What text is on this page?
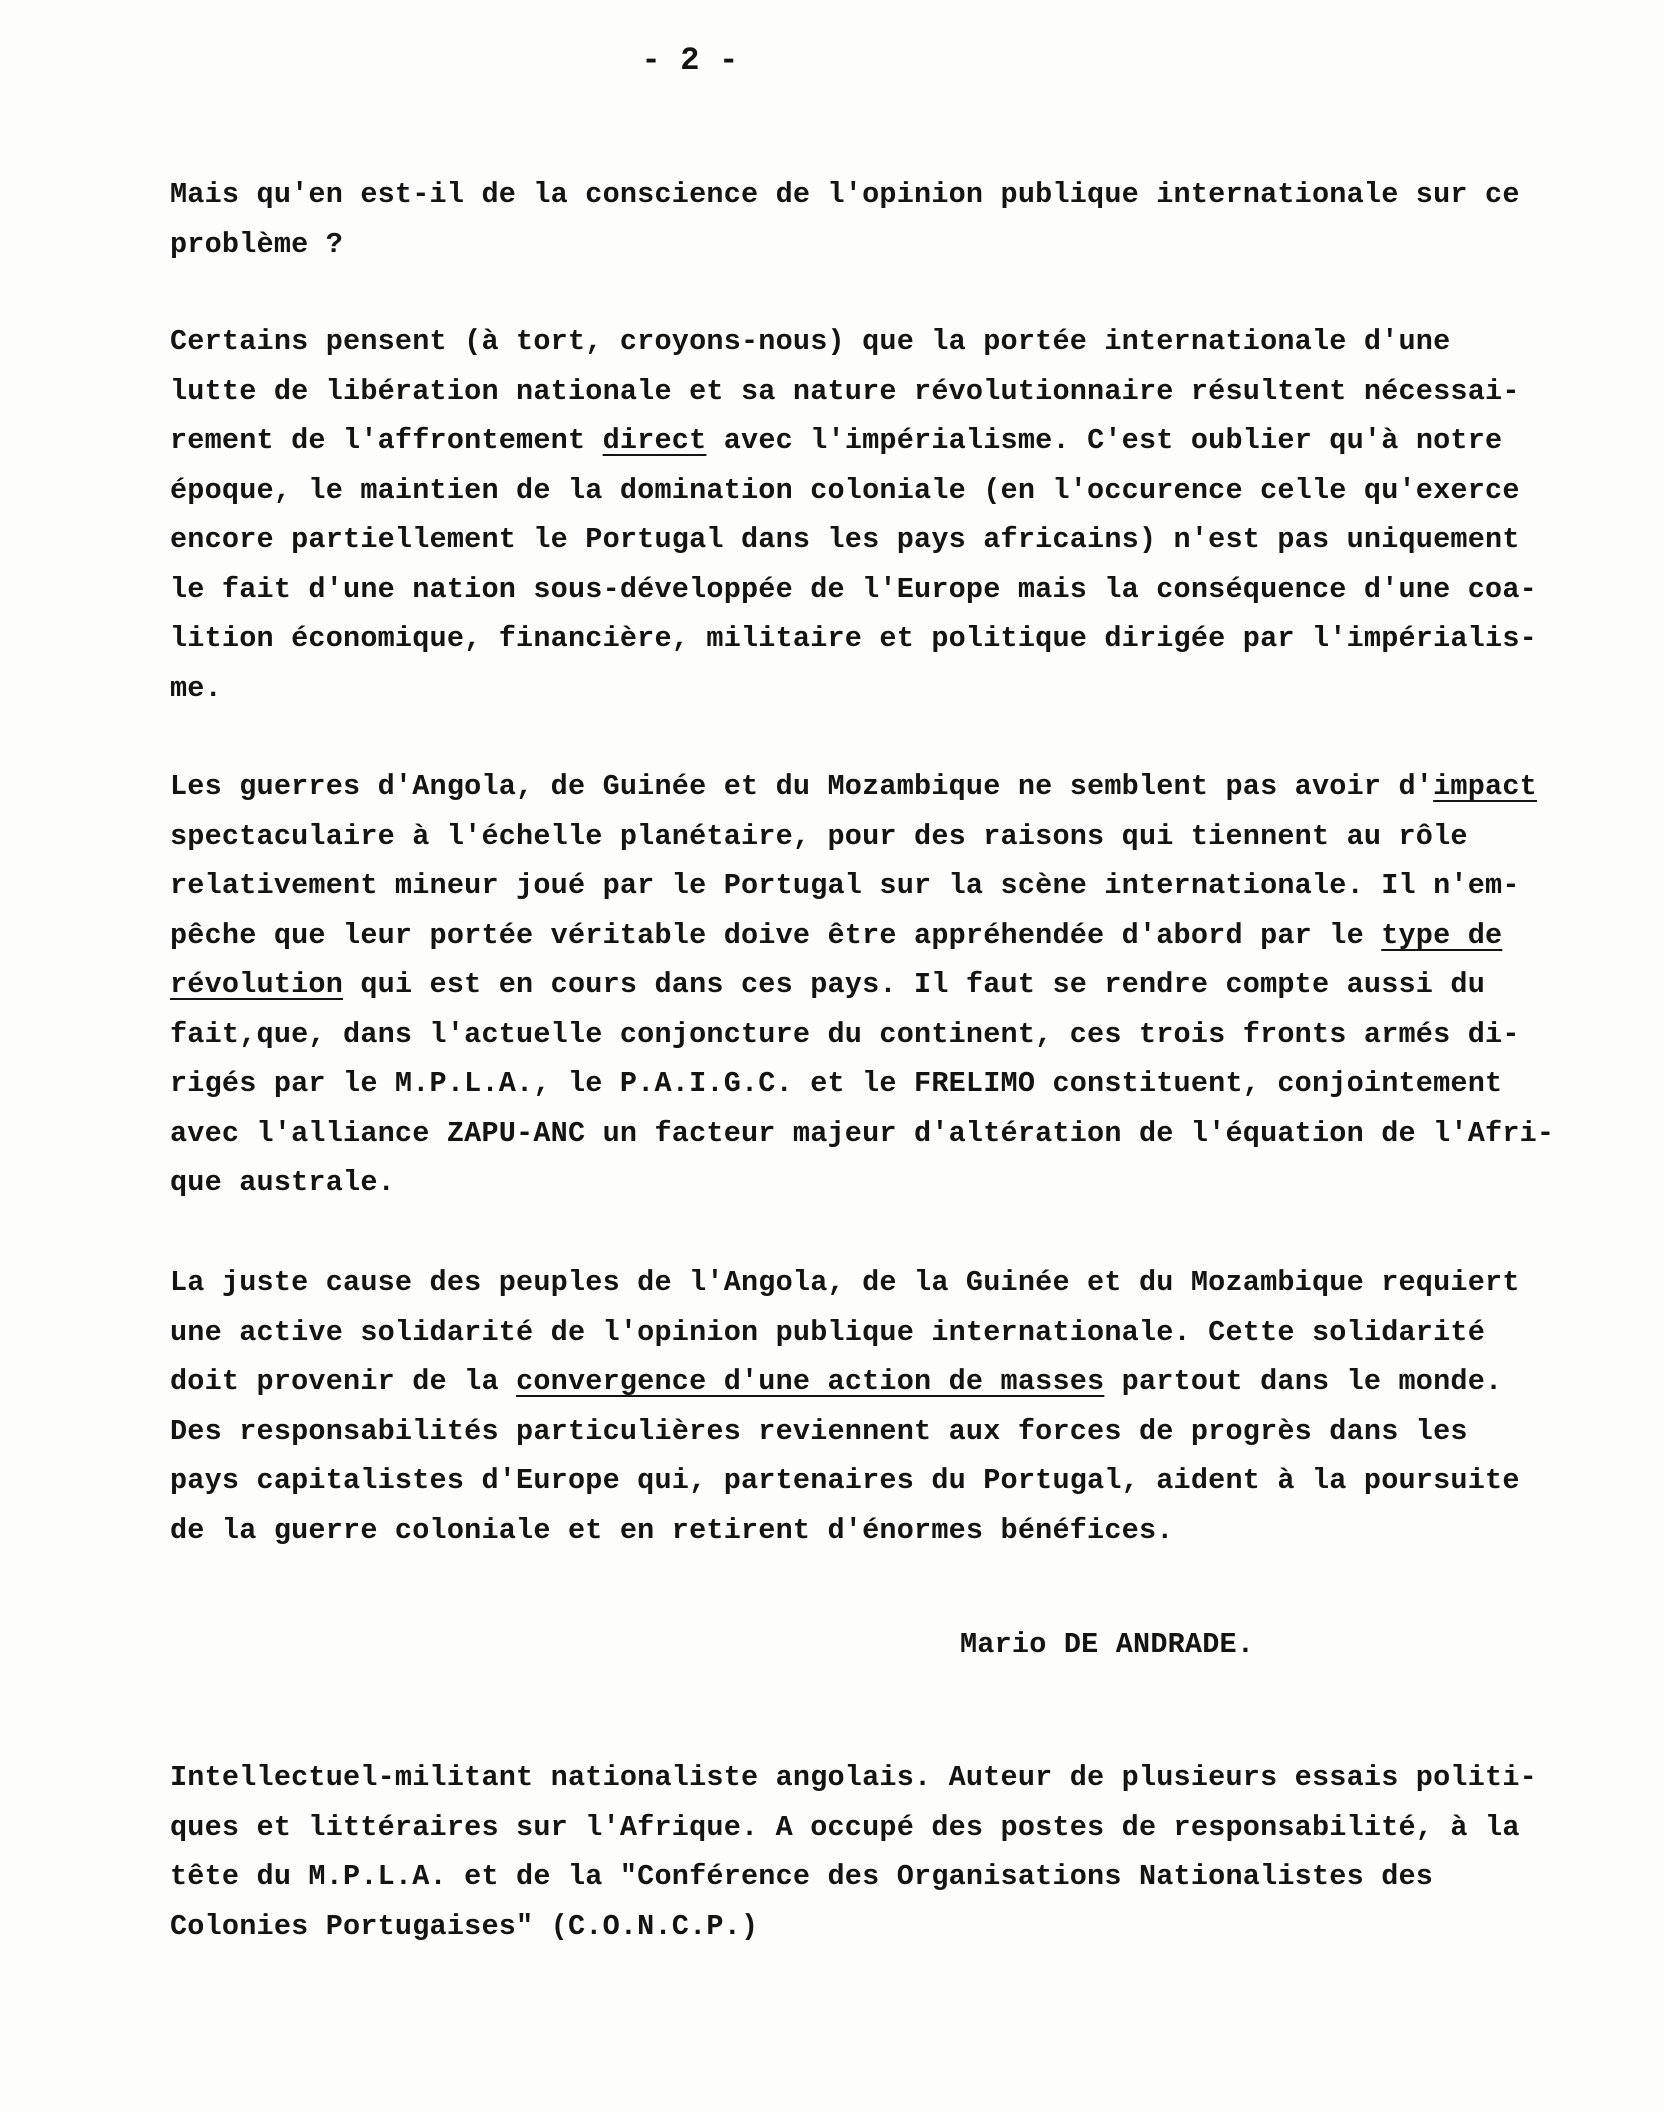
- 2 -
Mais qu'en est-il de la conscience de l'opinion publique internationale sur ce
problème ?
Certains pensent (à tort, croyons-nous) que la portée internationale d'une
lutte de libération nationale et sa nature révolutionnaire résultent nécessai-
rement de l'affrontement direct avec l'impérialisme. C'est oublier qu'à notre
époque, le maintien de la domination coloniale (en l'occurence celle qu'exerce
encore partiellement le Portugal dans les pays africains) n'est pas uniquement
le fait d'une nation sous-développée de l'Europe mais la conséquence d'une coa-
lition économique, financière, militaire et politique dirigée par l'impérialis-
me.
Les guerres d'Angola, de Guinée et du Mozambique ne semblent pas avoir d'impact
spectaculaire à l'échelle planétaire, pour des raisons qui tiennent au rôle
relativement mineur joué par le Portugal sur la scène internationale. Il n'em-
pêche que leur portée véritable doive être appréhendée d'abord par le type de
révolution qui est en cours dans ces pays. Il faut se rendre compte aussi du
fait,que, dans l'actuelle conjoncture du continent, ces trois fronts armés di-
rigés par le M.P.L.A., le P.A.I.G.C. et le FRELIMO constituent, conjointement
avec l'alliance ZAPU-ANC un facteur majeur d'altération de l'équation de l'Afri-
que australe.
La juste cause des peuples de l'Angola, de la Guinée et du Mozambique requiert
une active solidarité de l'opinion publique internationale. Cette solidarité
doit provenir de la convergence d'une action de masses partout dans le monde.
Des responsabilités particulières reviennent aux forces de progrès dans les
pays capitalistes d'Europe qui, partenaires du Portugal, aident à la poursuite
de la guerre coloniale et en retirent d'énormes bénéfices.
Mario DE ANDRADE.
Intellectuel-militant nationaliste angolais. Auteur de plusieurs essais politi-
ques et littéraires sur l'Afrique. A occupé des postes de responsabilité, à la
tête du M.P.L.A. et de la "Conférence des Organisations Nationalistes des
Colonies Portugaises" (C.O.N.C.P.)
